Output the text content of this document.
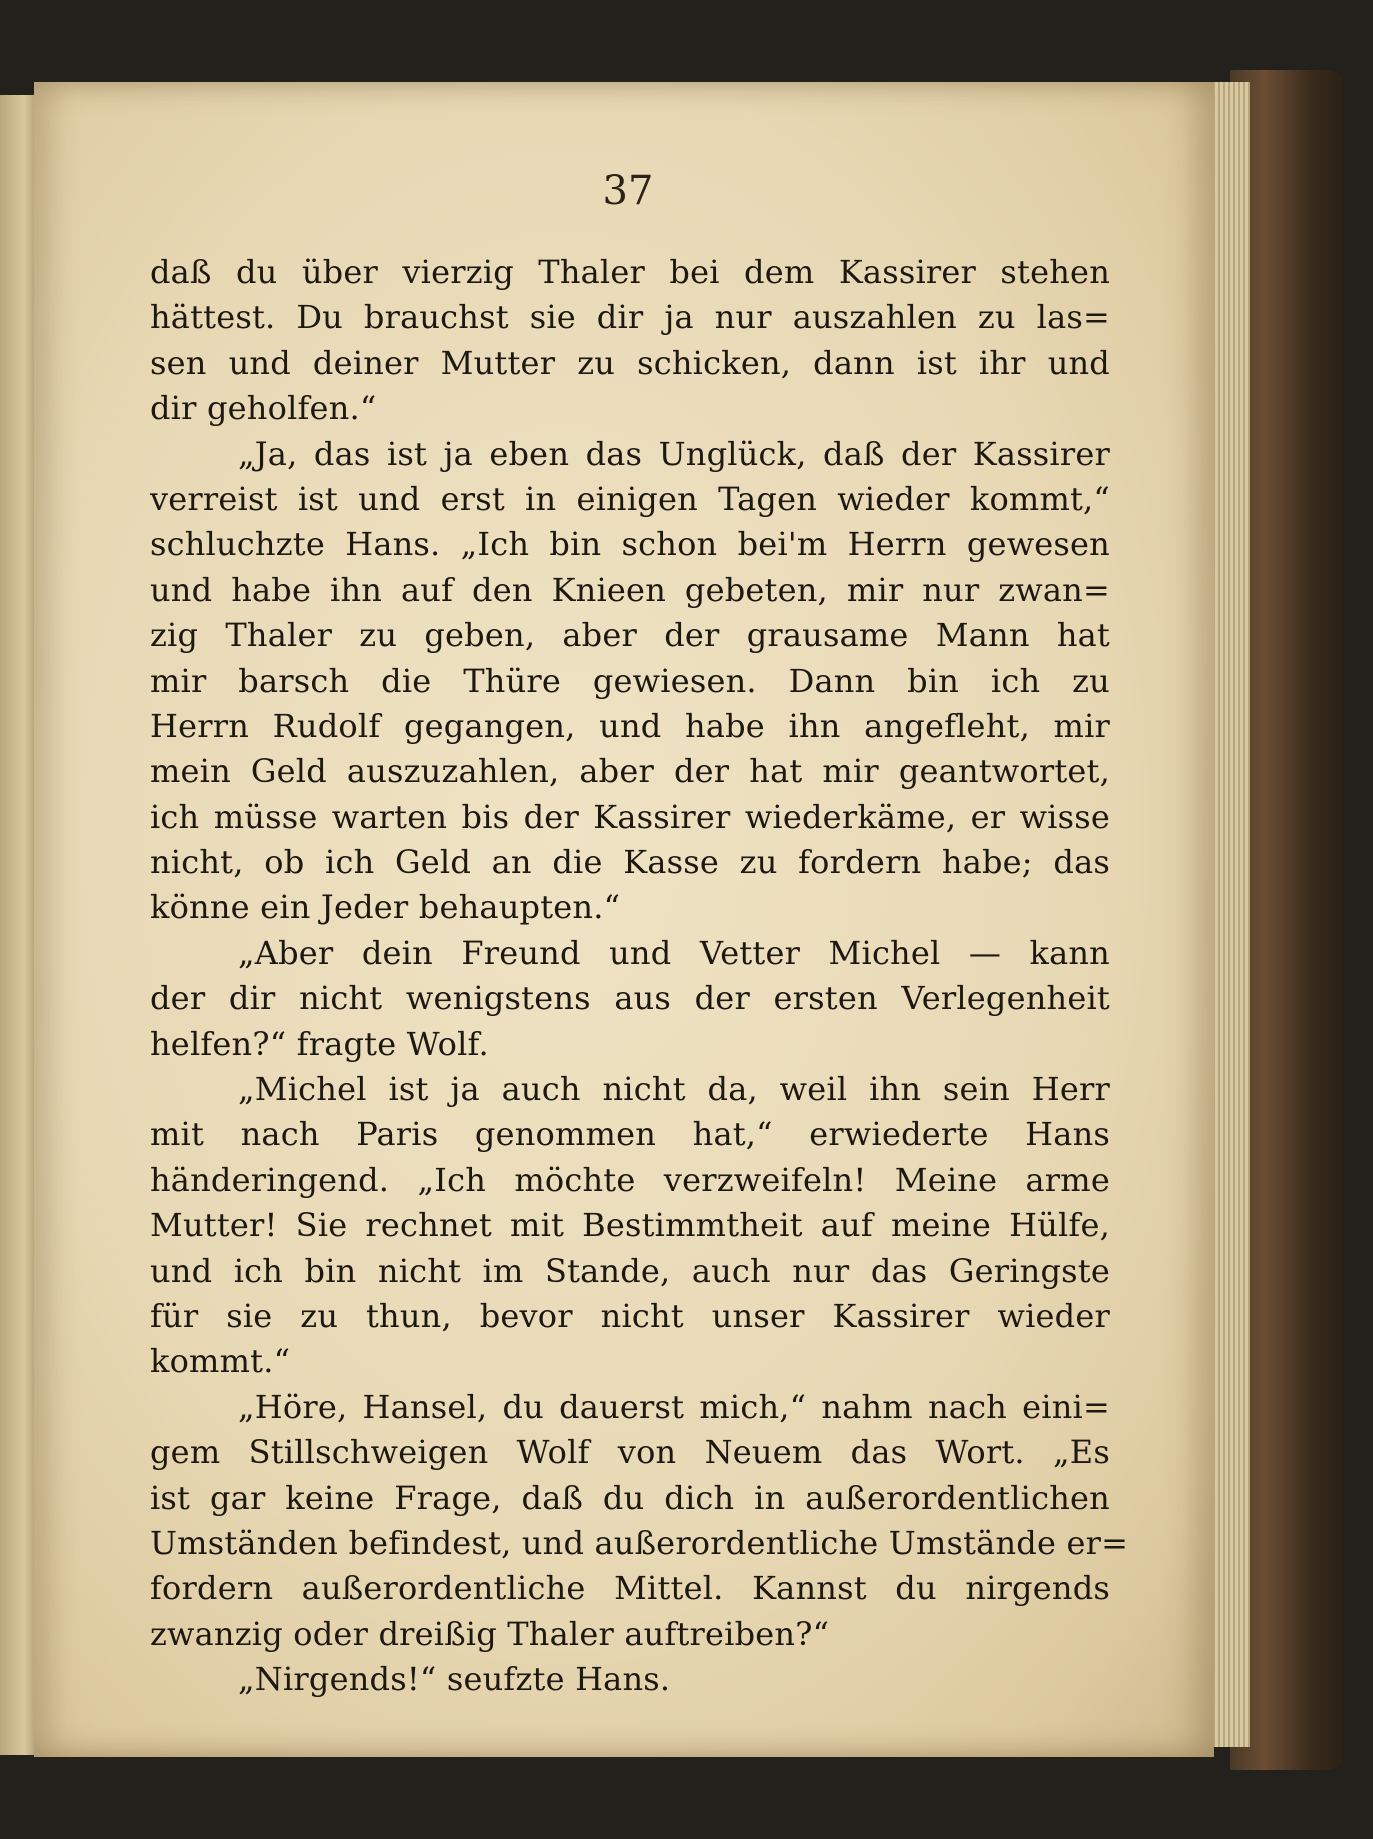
37
daß du über vierzig Thaler bei dem Kassirer stehen
hättest. Du brauchst sie dir ja nur auszahlen zu las=
sen und deiner Mutter zu schicken, dann ist ihr und
dir geholfen.“
„Ja, das ist ja eben das Unglück, daß der Kassirer
verreist ist und erst in einigen Tagen wieder kommt,“
schluchzte Hans. „Ich bin schon bei'm Herrn gewesen
und habe ihn auf den Knieen gebeten, mir nur zwan=
zig Thaler zu geben, aber der grausame Mann hat
mir barsch die Thüre gewiesen. Dann bin ich zu
Herrn Rudolf gegangen, und habe ihn angefleht, mir
mein Geld auszuzahlen, aber der hat mir geantwortet,
ich müsse warten bis der Kassirer wiederkäme, er wisse
nicht, ob ich Geld an die Kasse zu fordern habe; das
könne ein Jeder behaupten.“
„Aber dein Freund und Vetter Michel — kann
der dir nicht wenigstens aus der ersten Verlegenheit
helfen?“ fragte Wolf.
„Michel ist ja auch nicht da, weil ihn sein Herr
mit nach Paris genommen hat,“ erwiederte Hans
händeringend. „Ich möchte verzweifeln! Meine arme
Mutter! Sie rechnet mit Bestimmtheit auf meine Hülfe,
und ich bin nicht im Stande, auch nur das Geringste
für sie zu thun, bevor nicht unser Kassirer wieder
kommt.“
„Höre, Hansel, du dauerst mich,“ nahm nach eini=
gem Stillschweigen Wolf von Neuem das Wort. „Es
ist gar keine Frage, daß du dich in außerordentlichen
Umständen befindest, und außerordentliche Umstände er=
fordern außerordentliche Mittel. Kannst du nirgends
zwanzig oder dreißig Thaler auftreiben?“
„Nirgends!“ seufzte Hans.
